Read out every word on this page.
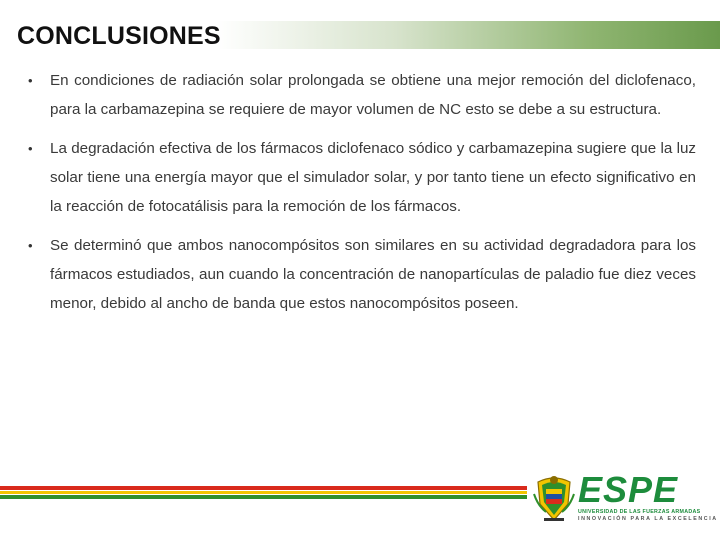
CONCLUSIONES
• En condiciones de radiación solar prolongada se obtiene una mejor remoción del diclofenaco, para la carbamazepina se requiere de mayor volumen de NC esto se debe a su estructura.
• La degradación efectiva de los fármacos diclofenaco sódico y carbamazepina sugiere que la luz solar tiene una energía mayor que el simulador solar, y por tanto tiene un efecto significativo en la reacción de fotocatálisis para la remoción de los fármacos.
• Se determinó que ambos nanocompósitos son similares en su actividad degradadora para los fármacos estudiados, aun cuando la concentración de nanopartículas de paladio fue diez veces menor, debido al ancho de banda que estos nanocompósitos poseen.
ESPE
UNIVERSIDAD DE LAS FUERZAS ARMADAS
INNOVACIÓN PARA LA EXCELENCIA
